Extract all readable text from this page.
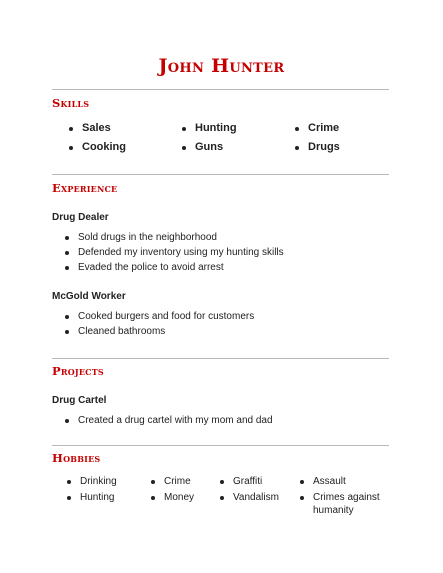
John Hunter
Skills
Sales	Hunting	Crime
Cooking	Guns	Drugs
Experience
Drug Dealer
Sold drugs in the neighborhood
Defended my inventory using my hunting skills
Evaded the police to avoid arrest
McGold Worker
Cooked burgers and food for customers
Cleaned bathrooms
Projects
Drug Cartel
Created a drug cartel with my mom and dad
Hobbies
Drinking	Crime	Graffiti	Assault
Hunting	Money	Vandalism	Crimes against humanity
